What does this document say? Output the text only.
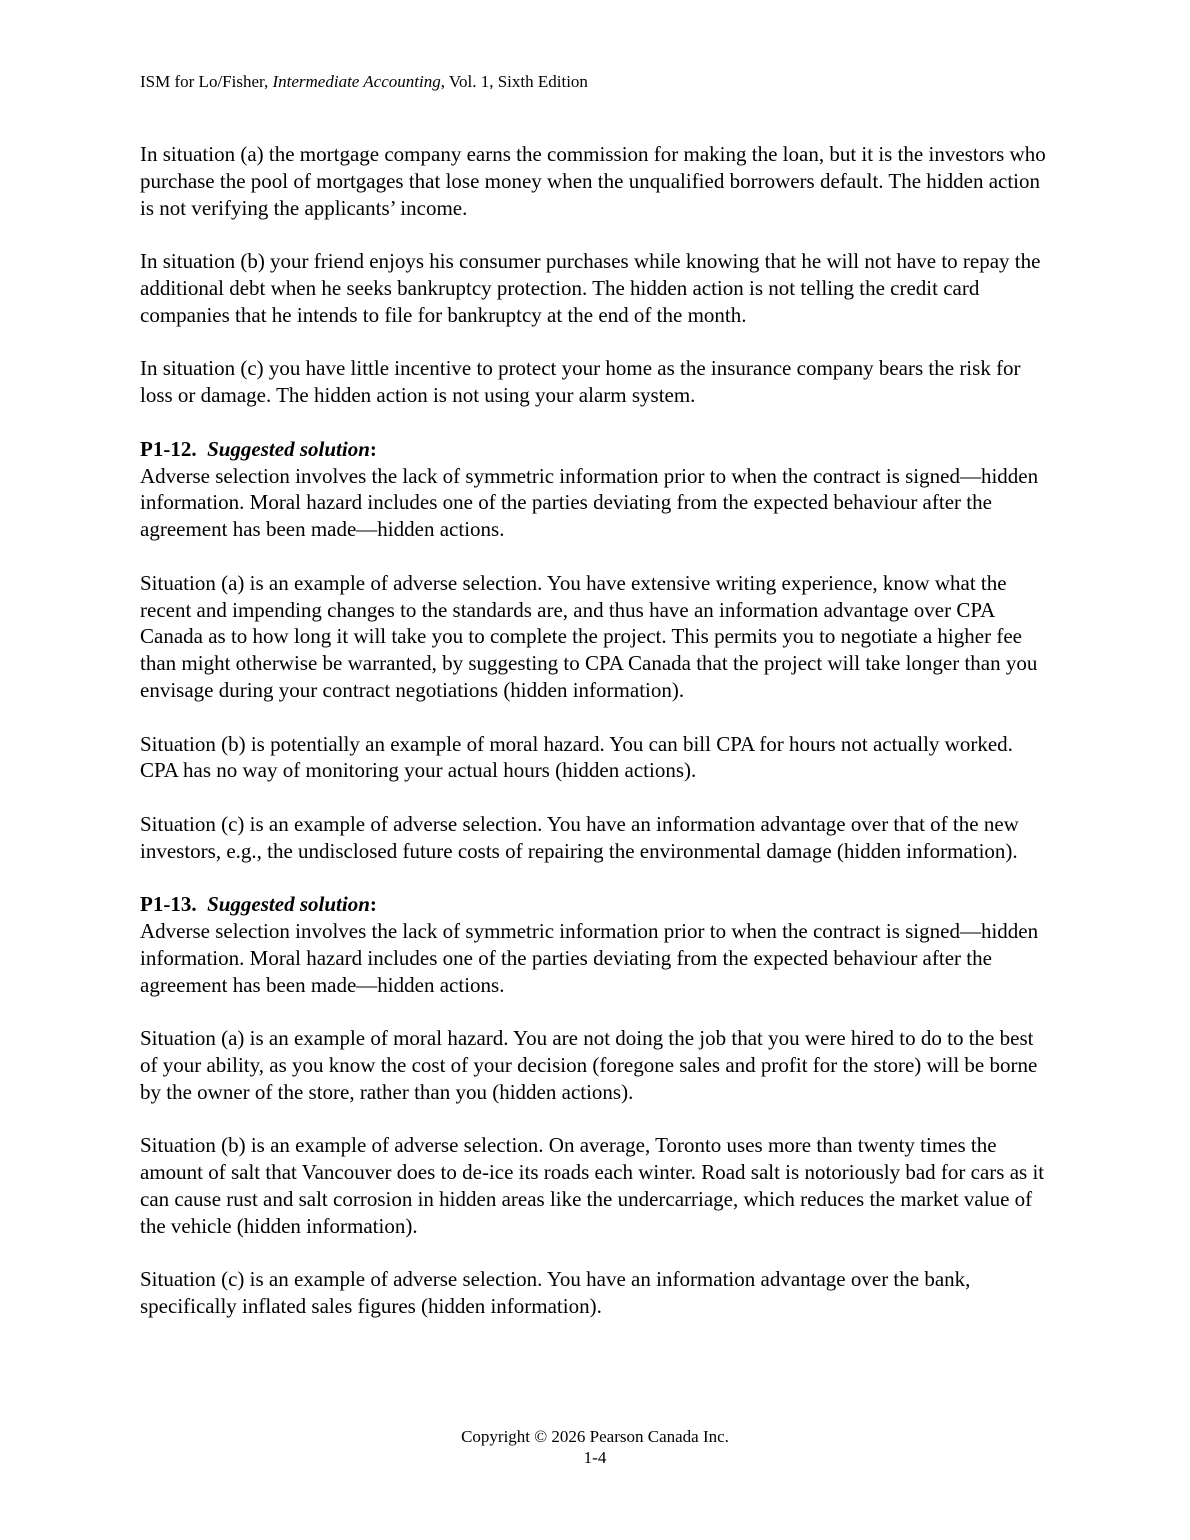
ISM for Lo/Fisher, Intermediate Accounting, Vol. 1, Sixth Edition

In situation (a) the mortgage company earns the commission for making the loan, but it is the investors who purchase the pool of mortgages that lose money when the unqualified borrowers default. The hidden action is not verifying the applicants’ income.

In situation (b) your friend enjoys his consumer purchases while knowing that he will not have to repay the additional debt when he seeks bankruptcy protection. The hidden action is not telling the credit card companies that he intends to file for bankruptcy at the end of the month.

In situation (c) you have little incentive to protect your home as the insurance company bears the risk for loss or damage. The hidden action is not using your alarm system.

P1-12. Suggested solution:

Adverse selection involves the lack of symmetric information prior to when the contract is signed—hidden information. Moral hazard includes one of the parties deviating from the expected behaviour after the agreement has been made—hidden actions.

Situation (a) is an example of adverse selection. You have extensive writing experience, know what the recent and impending changes to the standards are, and thus have an information advantage over CPA Canada as to how long it will take you to complete the project. This permits you to negotiate a higher fee than might otherwise be warranted, by suggesting to CPA Canada that the project will take longer than you envisage during your contract negotiations (hidden information).

Situation (b) is potentially an example of moral hazard. You can bill CPA for hours not actually worked. CPA has no way of monitoring your actual hours (hidden actions).

Situation (c) is an example of adverse selection. You have an information advantage over that of the new investors, e.g., the undisclosed future costs of repairing the environmental damage (hidden information).

P1-13. Suggested solution:

Adverse selection involves the lack of symmetric information prior to when the contract is signed—hidden information. Moral hazard includes one of the parties deviating from the expected behaviour after the agreement has been made—hidden actions.

Situation (a) is an example of moral hazard. You are not doing the job that you were hired to do to the best of your ability, as you know the cost of your decision (foregone sales and profit for the store) will be borne by the owner of the store, rather than you (hidden actions).

Situation (b) is an example of adverse selection. On average, Toronto uses more than twenty times the amount of salt that Vancouver does to de-ice its roads each winter. Road salt is notoriously bad for cars as it can cause rust and salt corrosion in hidden areas like the undercarriage, which reduces the market value of the vehicle (hidden information).

Situation (c) is an example of adverse selection. You have an information advantage over the bank, specifically inflated sales figures (hidden information).

Copyright © 2026 Pearson Canada Inc.
1-4
